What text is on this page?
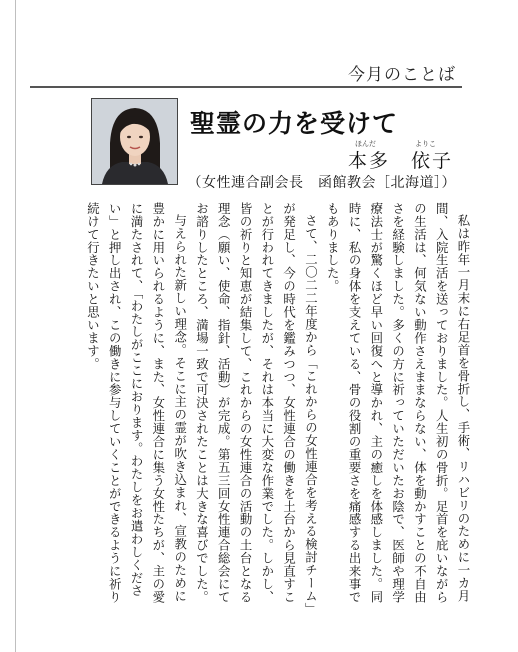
今月のことば
聖霊の力を受けて
ほんだ	よりこ
本多　依子
（女性連合副会長　函館教会［北海道］）

私は昨年一月末に右足首を骨折し、手術、リハビリのために一カ月間、入院生活を送っておりました。人生初の骨折。足首を庇いながらの生活は、何気ない動作さえままならない、体を動かすことの不自由さを経験しました。多くの方に祈っていただいたお陰で、医師や理学療法士が驚くほど早い回復へと導かれ、主の癒しを体感しました。同時に、私の身体を支えている、骨の役割の重要さを痛感する出来事でもありました。

さて、二〇二二年度から「これからの女性連合を考える検討チーム」が発足し、今の時代を鑑みつつ、女性連合の働きを土台から見直すことが行われてきましたが、それは本当に大変な作業でした。しかし、皆の祈りと知恵が結集して、これからの女性連合の活動の土台となる理念（願い、使命、指針、活動）が完成。第五三回女性連合総会にてお諮りしたところ、満場一致で可決されたことは大きな喜びでした。

与えられた新しい理念。そこに主の霊が吹き込まれ、宣教のために豊かに用いられるように、また、女性連合に集う女性たちが、主の愛に満たされて、「わたしがここにおります。わたしをお遣わしください」と押し出され、この働きに参与していくことができるように祈り続けて行きたいと思います。
